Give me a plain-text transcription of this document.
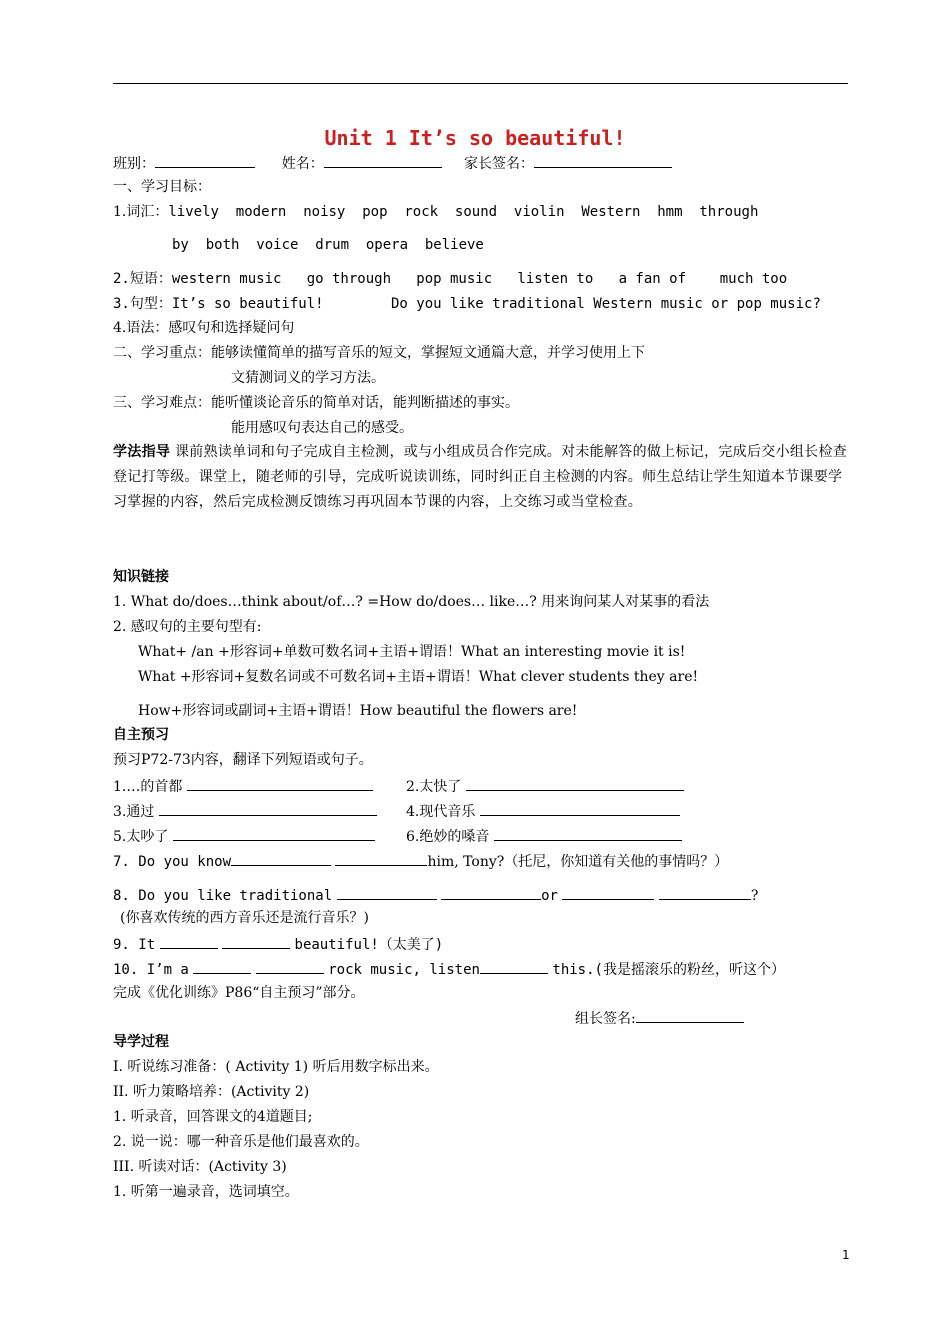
Unit 1 It’s so beautiful!
班别：	姓名：	家长签名：
一、学习目标：
1.词汇：lively  modern  noisy  pop  rock  sound  violin  Western  hmm  through
by  both  voice  drum  opera  believe
2.短语：western music   go through   pop music   listen to   a fan of    much too
3.句型：It’s so beautiful!        Do you like traditional Western music or pop music?
4.语法：感叹句和选择疑问句
二、学习重点：能够读懂简单的描写音乐的短文，掌握短文通篇大意，并学习使用上下
文猜测词义的学习方法。
三、学习难点：能听懂谈论音乐的简单对话，能判断描述的事实。
能用感叹句表达自己的感受。
学法指导 课前熟读单词和句子完成自主检测，或与小组成员合作完成。对未能解答的做上标记，完成后交小组长检查登记打等级。课堂上，随老师的引导，完成听说读训练，同时纠正自主检测的内容。师生总结让学生知道本节课要学习掌握的内容，然后完成检测反馈练习再巩固本节课的内容，上交练习或当堂检查。
知识链接
1. What do/does…think about/of…? =How do/does… like…? 用来询问某人对某事的看法
2. 感叹句的主要句型有:
What+ /an +形容词+单数可数名词+主语+谓语！What an interesting movie it is!
What +形容词+复数名词或不可数名词+主语+谓语！What clever students they are!
How+形容词或副词+主语+谓语！How beautiful the flowers are!
自主预习
预习P72-73内容，翻译下列短语或句子。
1.…的首都	2.太快了
3.通过	4.现代音乐
5.太吵了	6.绝妙的嗓音
7. Do you know	him, Tony?（托尼，你知道有关他的事情吗？）
8. Do you like traditional	or	?
(你喜欢传统的西方音乐还是流行音乐？)
9. It	beautiful!（太美了)
10. I’m a	rock music, listen	this.(我是摇滚乐的粉丝，听这个）
完成《优化训练》P86“自主预习”部分。
组长签名:
导学过程
I. 听说练习准备：( Activity 1) 听后用数字标出来。
II. 听力策略培养：(Activity 2)
1. 听录音，回答课文的4道题目;
2. 说一说：哪一种音乐是他们最喜欢的。
III. 听读对话：(Activity 3)
1. 听第一遍录音，选词填空。
1
